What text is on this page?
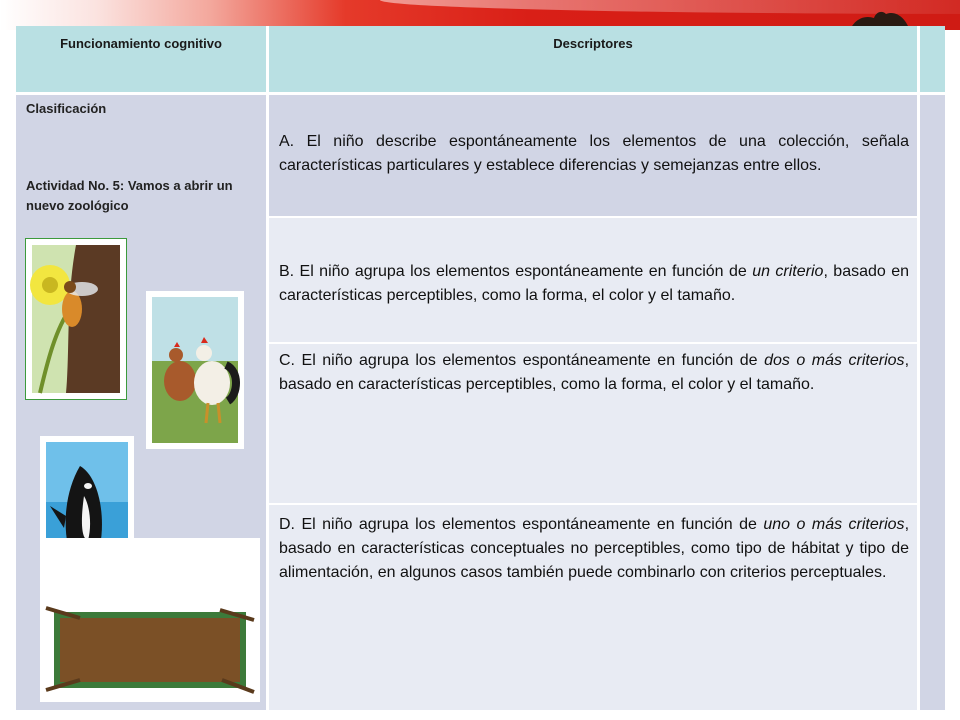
Funcionamiento cognitivo	Descriptores
Clasificación
Actividad No. 5: Vamos a abrir un nuevo zoológico
A. El niño describe espontáneamente los elementos de una colección, señala características particulares y establece diferencias y semejanzas entre ellos.
B. El niño agrupa los elementos espontáneamente en función de un criterio, basado en características perceptibles, como la forma, el color y el tamaño.
C. El niño agrupa los elementos espontáneamente en función de dos o más criterios, basado en características perceptibles, como la forma, el color y el tamaño.
D. El niño agrupa los elementos espontáneamente en función de uno o más criterios, basado en características conceptuales no perceptibles, como tipo de hábitat y tipo de alimentación, en algunos casos también puede combinarlo con criterios perceptuales.
